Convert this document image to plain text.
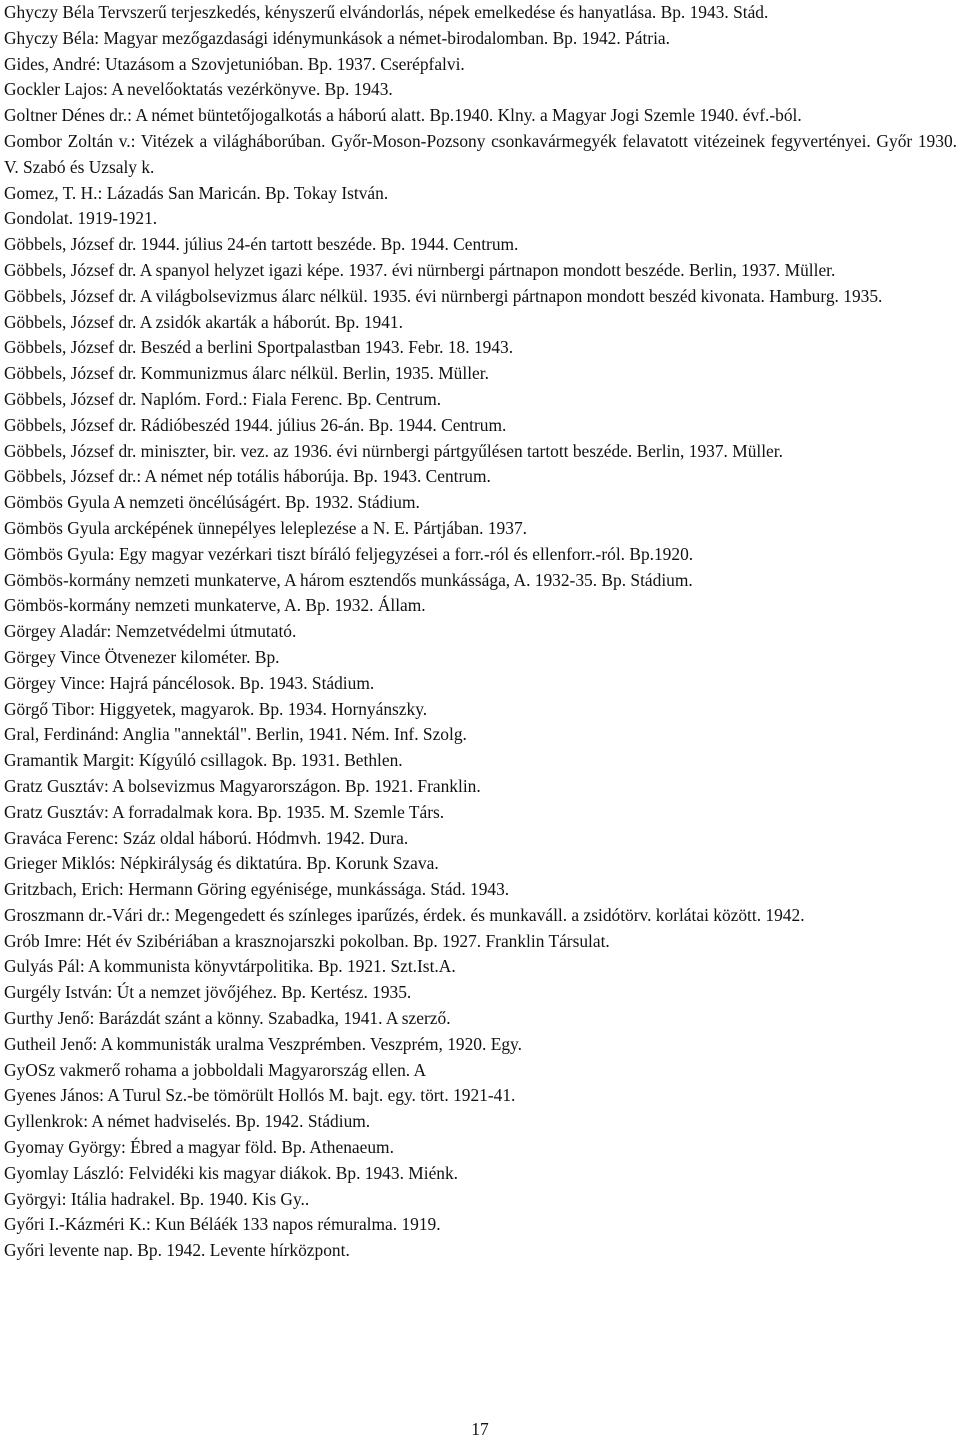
Ghyczy Béla Tervszerű terjeszkedés, kényszerű elvándorlás, népek emelkedése és hanyatlása. Bp. 1943. Stád.
Ghyczy Béla: Magyar mezőgazdasági idénymunkások a német-birodalomban. Bp. 1942. Pátria.
Gides, André: Utazásom a Szovjetunióban. Bp. 1937. Cserépfalvi.
Gockler Lajos: A nevelőoktatás vezérkönyve. Bp. 1943.
Goltner Dénes dr.: A német büntetőjogalkotás a háború alatt. Bp.1940. Klny. a Magyar Jogi Szemle 1940. évf.-ból.
Gombor Zoltán v.: Vitézek a világháborúban. Győr-Moson-Pozsony csonkavármegyék felavatott vitézeinek fegyvertényei. Győr 1930. V. Szabó és Uzsaly k.
Gomez, T. H.: Lázadás San Maricán. Bp. Tokay István.
Gondolat. 1919-1921.
Göbbels, József dr. 1944. július 24-én tartott beszéde. Bp. 1944. Centrum.
Göbbels, József dr. A spanyol helyzet igazi képe. 1937. évi nürnbergi pártnapon mondott beszéde. Berlin, 1937. Müller.
Göbbels, József dr. A világbolsevizmus álarc nélkül. 1935. évi nürnbergi pártnapon mondott beszéd kivonata. Hamburg. 1935.
Göbbels, József dr. A zsidók akarták a háborút. Bp. 1941.
Göbbels, József dr. Beszéd a berlini Sportpalastban 1943. Febr. 18. 1943.
Göbbels, József dr. Kommunizmus álarc nélkül. Berlin, 1935. Müller.
Göbbels, József dr. Naplóm. Ford.: Fiala Ferenc. Bp. Centrum.
Göbbels, József dr. Rádióbeszéd 1944. július 26-án. Bp. 1944. Centrum.
Göbbels, József dr. miniszter, bir. vez. az 1936. évi nürnbergi pártgyűlésen tartott beszéde. Berlin, 1937. Müller.
Göbbels, József dr.: A német nép totális háborúja. Bp. 1943. Centrum.
Gömbös Gyula A nemzeti öncélúságért. Bp. 1932. Stádium.
Gömbös Gyula arcképének ünnepélyes leleplezése a N. E. Pártjában. 1937.
Gömbös Gyula: Egy magyar vezérkari tiszt bíráló feljegyzései a forr.-ról és ellenforr.-ról. Bp.1920.
Gömbös-kormány nemzeti munkaterve, A három esztendős munkássága, A. 1932-35. Bp. Stádium.
Gömbös-kormány nemzeti munkaterve, A. Bp. 1932. Állam.
Görgey Aladár: Nemzetvédelmi útmutató.
Görgey Vince Ötvenezer kilométer. Bp.
Görgey Vince: Hajrá páncélosok. Bp. 1943. Stádium.
Görgő Tibor: Higgyetek, magyarok. Bp. 1934. Hornyánszky.
Gral, Ferdinánd: Anglia "annektál". Berlin, 1941. Ném. Inf. Szolg.
Gramantik Margit: Kígyúló csillagok. Bp. 1931. Bethlen.
Gratz Gusztáv: A bolsevizmus Magyarországon. Bp. 1921. Franklin.
Gratz Gusztáv: A forradalmak kora. Bp. 1935. M. Szemle Társ.
Graváca Ferenc: Száz oldal háború. Hódmvh. 1942. Dura.
Grieger Miklós: Népkirályság és diktatúra. Bp. Korunk Szava.
Gritzbach, Erich: Hermann Göring egyénisége, munkássága. Stád. 1943.
Groszmann dr.-Vári dr.: Megengedett és színleges iparűzés, érdek. és munkaváll. a zsidótörv. korlátai között. 1942.
Grób Imre: Hét év Szibériában a krasznojarszki pokolban. Bp. 1927. Franklin Társulat.
Gulyás Pál: A kommunista könyvtárpolitika. Bp. 1921. Szt.Ist.A.
Gurgély István: Út a nemzet jövőjéhez. Bp. Kertész. 1935.
Gurthy Jenő: Barázdát szánt a könny. Szabadka, 1941. A szerző.
Gutheil Jenő: A kommunisták uralma Veszprémben. Veszprém, 1920. Egy.
GyOSz vakmerő rohama a jobboldali Magyarország ellen. A
Gyenes János: A Turul Sz.-be tömörült Hollós M. bajt. egy. tört. 1921-41.
Gyllenkrok: A német hadviselés. Bp. 1942. Stádium.
Gyomay György: Ébred a magyar föld. Bp. Athenaeum.
Gyomlay László: Felvidéki kis magyar diákok. Bp. 1943. Miénk.
Györgyi: Itália hadrakel. Bp. 1940. Kis Gy..
Győri I.-Kázméri K.: Kun Béláék 133 napos rémuralma. 1919.
Győri levente nap. Bp. 1942. Levente hírközpont.
17
